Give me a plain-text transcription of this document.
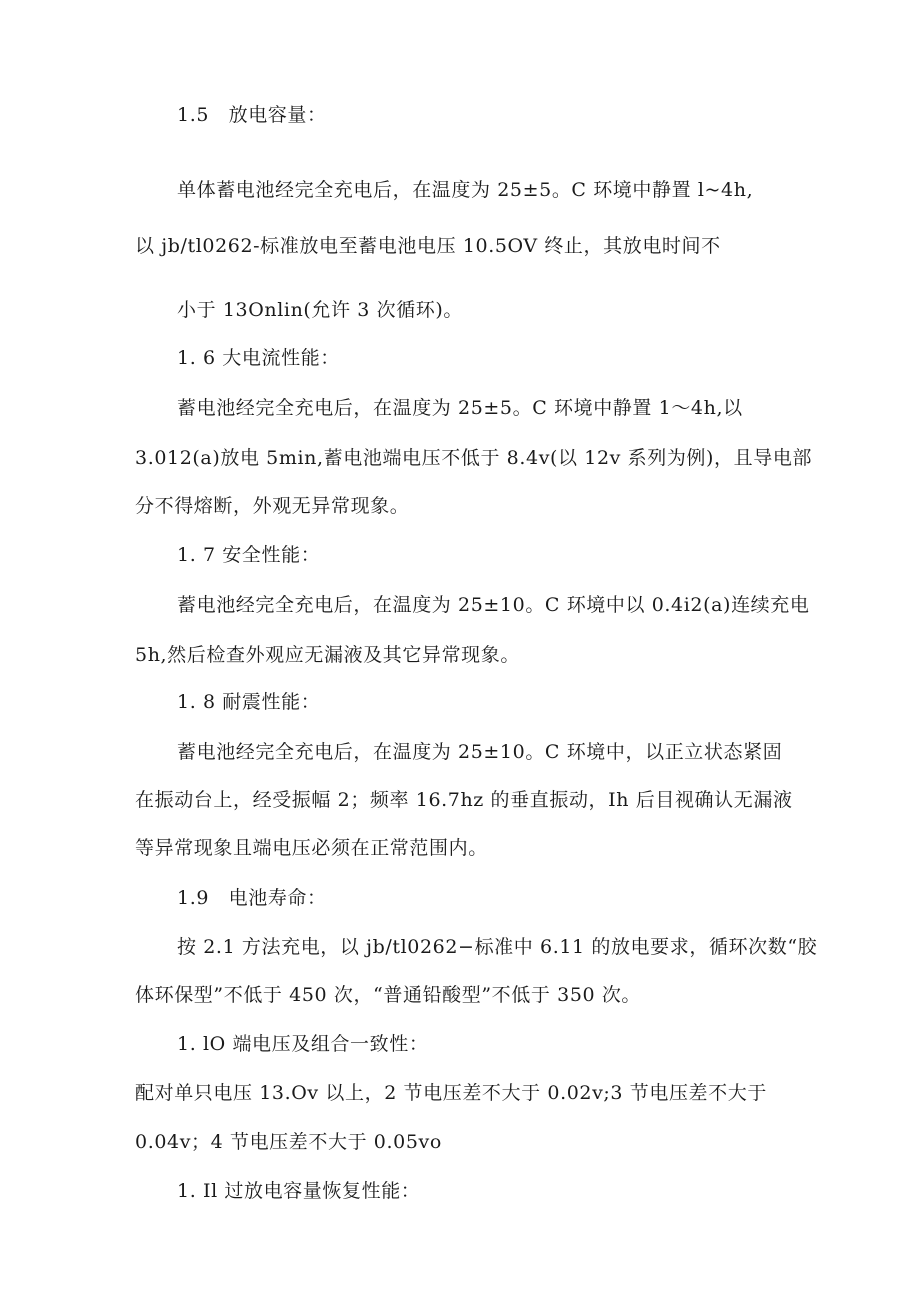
1.5　放电容量：
单体蓄电池经完全充电后，在温度为 25±5。C 环境中静置 l~4h,
以 jb∕tl0262-标准放电至蓄电池电压 10.5OV 终止，其放电时间不
小于 13Onlin(允许 3 次循环)。
1. 6 大电流性能：
蓄电池经完全充电后，在温度为 25±5。C 环境中静置 1～4h,以
3.012(a)放电 5min,蓄电池端电压不低于 8.4v(以 12v 系列为例)，且导电部
分不得熔断，外观无异常现象。
1. 7 安全性能：
蓄电池经完全充电后，在温度为 25±10。C 环境中以 0.4i2(a)连续充电
5h,然后检查外观应无漏液及其它异常现象。
1. 8 耐震性能：
蓄电池经完全充电后，在温度为 25±10。C 环境中，以正立状态紧固
在振动台上，经受振幅 2；频率 16.7hz 的垂直振动，Ih 后目视确认无漏液
等异常现象且端电压必须在正常范围内。
1.9　电池寿命：
按 2.1 方法充电，以 jb∕tl0262−标准中 6.11 的放电要求，循环次数“胶
体环保型”不低于 450 次，“普通铅酸型”不低于 350 次。
1. lO 端电压及组合一致性：
配对单只电压 13.Ov 以上，2 节电压差不大于 0.02v;3 节电压差不大于
0.04v；4 节电压差不大于 0.05vo
1. Il 过放电容量恢复性能：
